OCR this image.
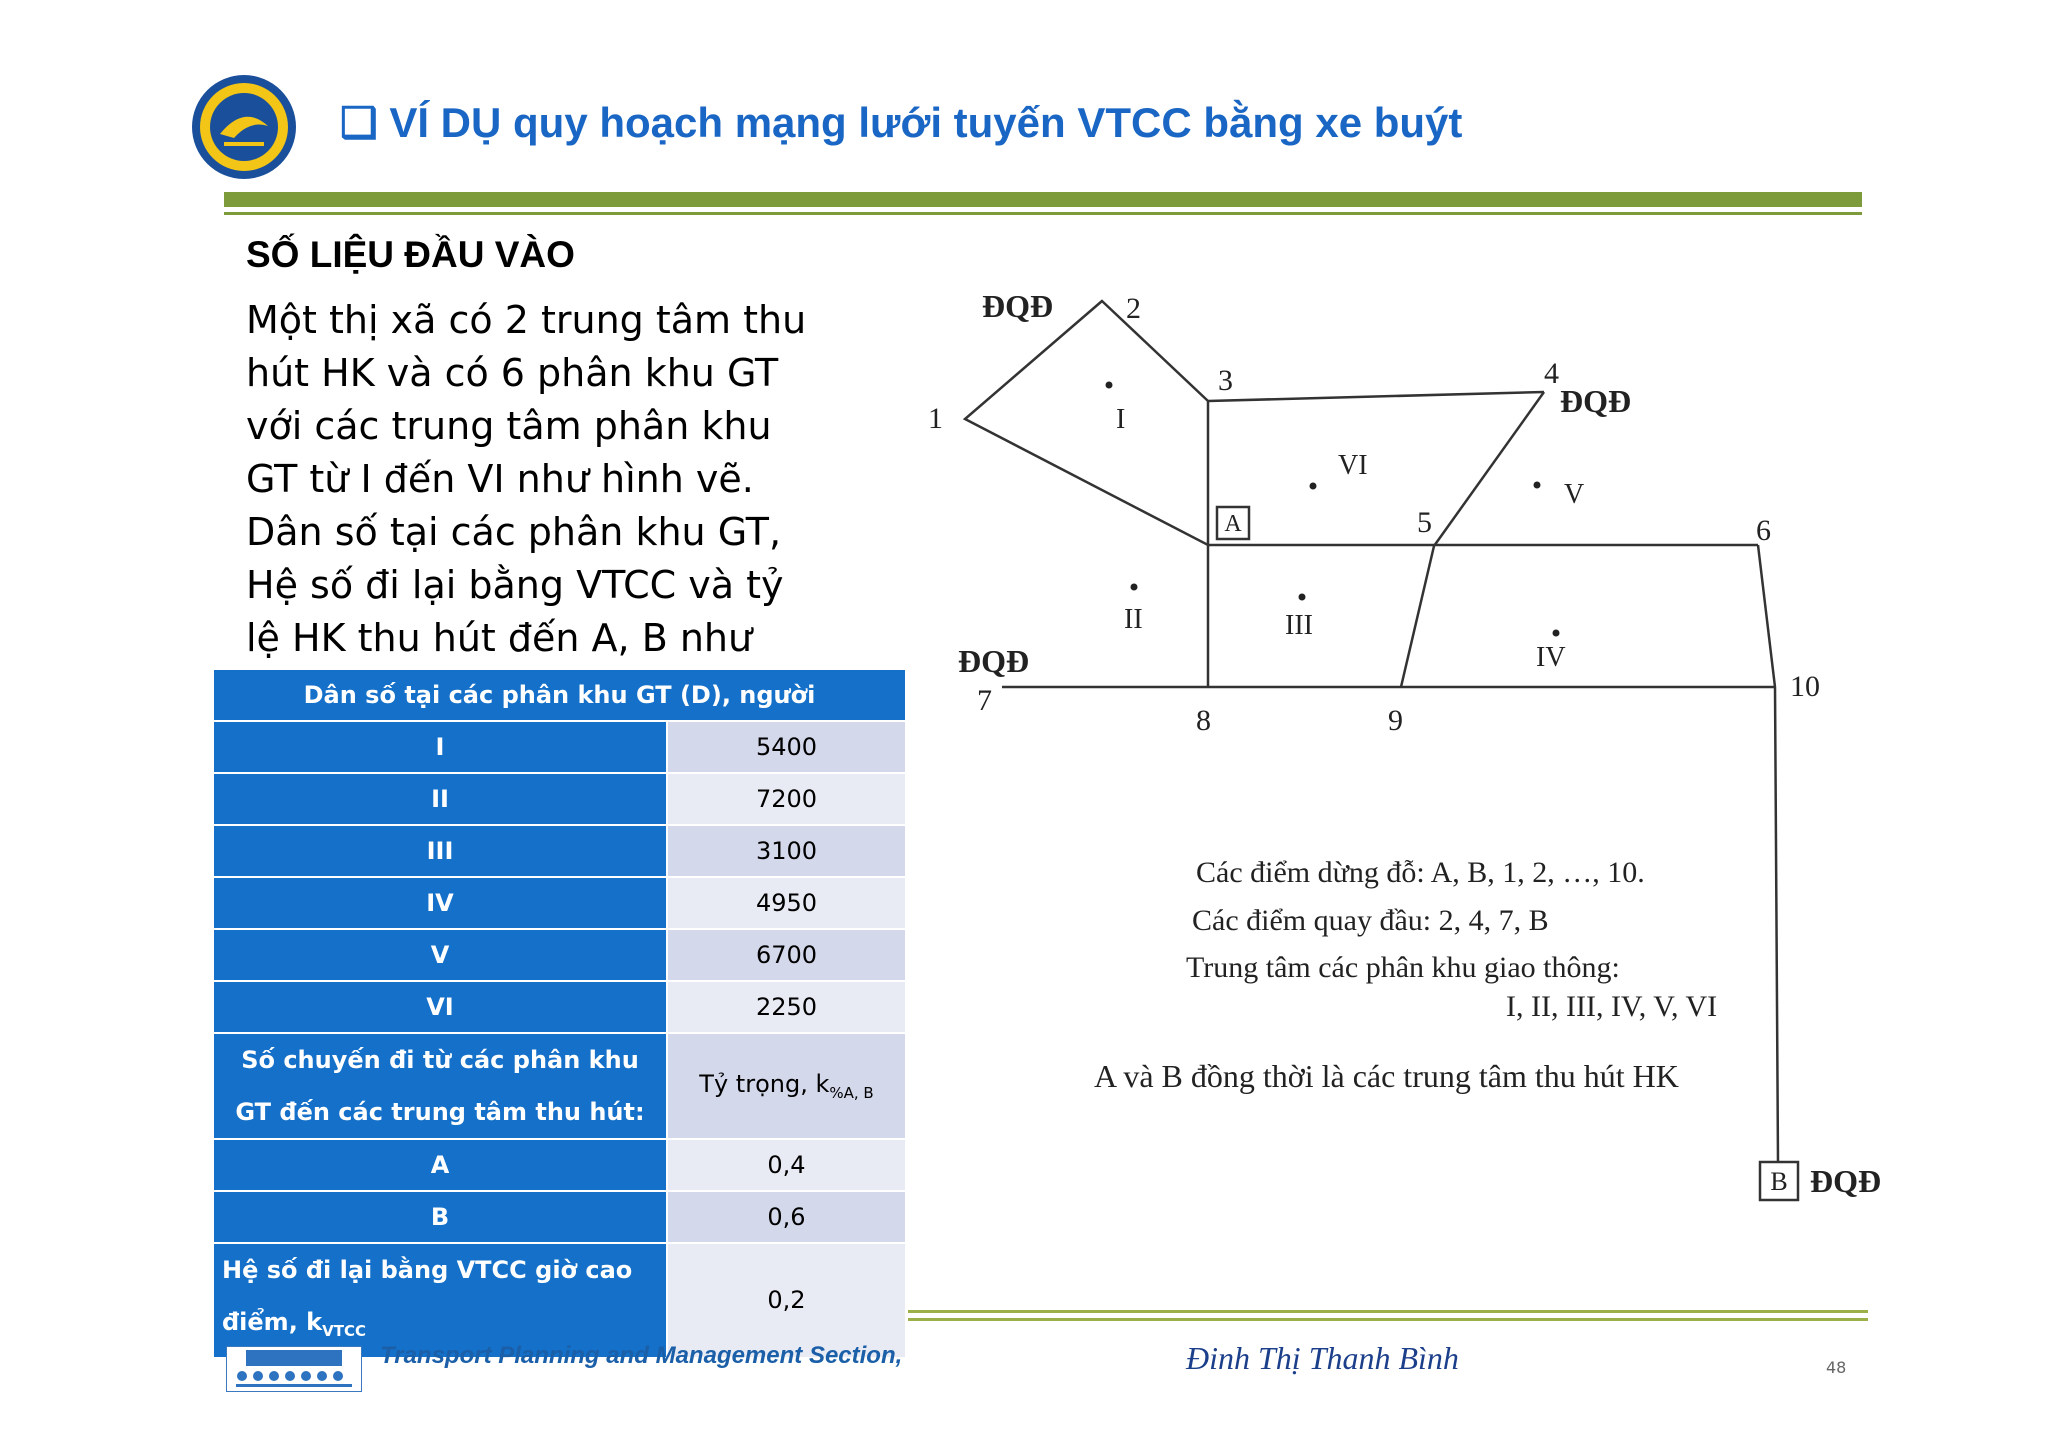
❑ VÍ DỤ quy hoạch mạng lưới tuyến VTCC bằng xe buýt
SỐ LIỆU ĐẦU VÀO

Một thị xã có 2 trung tâm thu hút HK và có 6 phân khu GT với các trung tâm phân khu GT từ I đến VI như hình vẽ.

Dân số tại các phân khu GT, Hệ số đi lại bằng VTCC và tỷ lệ HK thu hút đến A, B như

Dân số tại các phân khu GT (D), người	
I	5400
II	7200
III	3100
IV	4950
V	6700
VI	2250
Số chuyến đi từ các phân khu GT đến các trung tâm thu hút:	Tỷ trọng, $k_{\%A, B}$
A	0,4
B	0,6
Hệ số đi lại bằng VTCC giờ cao điểm, $k_{VTCC}$	0,2
A
B
1
2
3	4
5	6
7
8	9
10
ĐQĐ
ĐQĐ
ĐQĐ
ĐQĐ
I
II	III
IV
V
VI
Các điểm dừng đỗ: A, B, 1, 2, …, 10.
Các điểm quay đầu: 2, 4, 7, B
Trung tâm các phân khu giao thông:
I, II, III, IV, V, VI
A và B đồng thời là các trung tâm thu hút HK
Transport Planning and Management Section,	Đinh Thị Thanh Bình	48
